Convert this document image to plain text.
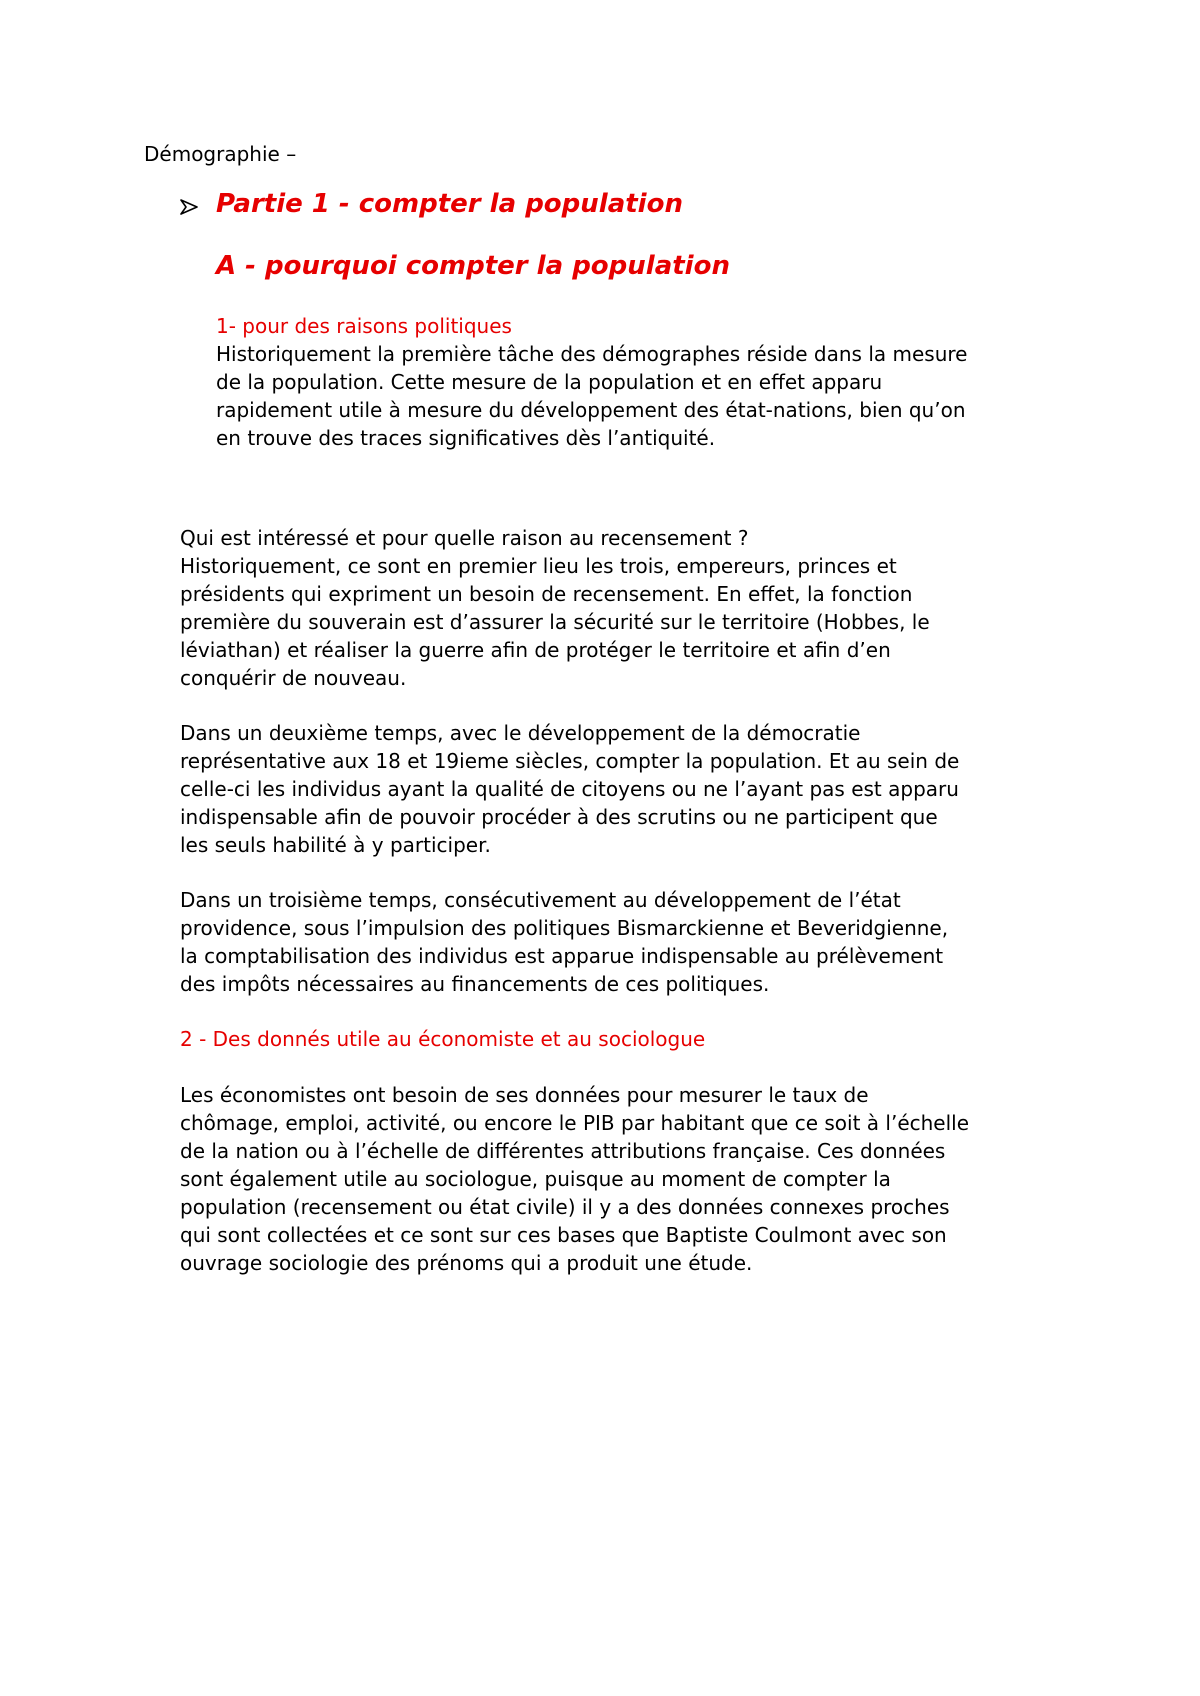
Démographie –
Partie 1 - compter la population
A - pourquoi compter la population
1- pour des raisons politiques
Historiquement la première tâche des démographes réside dans la mesure
de la population. Cette mesure de la population et en effet apparu
rapidement utile à mesure du développement des état-nations, bien qu’on
en trouve des traces significatives dès l’antiquité.
Qui est intéressé et pour quelle raison au recensement ?
Historiquement, ce sont en premier lieu les trois, empereurs, princes et
présidents qui expriment un besoin de recensement. En effet, la fonction
première du souverain est d’assurer la sécurité sur le territoire (Hobbes, le
léviathan) et réaliser la guerre afin de protéger le territoire et afin d’en
conquérir de nouveau.
Dans un deuxième temps, avec le développement de la démocratie
représentative aux 18 et 19ieme siècles, compter la population. Et au sein de
celle-ci les individus ayant la qualité de citoyens ou ne l’ayant pas est apparu
indispensable afin de pouvoir procéder à des scrutins ou ne participent que
les seuls habilité à y participer.
Dans un troisième temps, consécutivement au développement de l’état
providence, sous l’impulsion des politiques Bismarckienne et Beveridgienne,
la comptabilisation des individus est apparue indispensable au prélèvement
des impôts nécessaires au financements de ces politiques.
2 - Des donnés utile au économiste et au sociologue
Les économistes ont besoin de ses données pour mesurer le taux de
chômage, emploi, activité, ou encore le PIB par habitant que ce soit à l’échelle
de la nation ou à l’échelle de différentes attributions française. Ces données
sont également utile au sociologue, puisque au moment de compter la
population (recensement ou état civile) il y a des données connexes proches
qui sont collectées et ce sont sur ces bases que Baptiste Coulmont avec son
ouvrage sociologie des prénoms qui a produit une étude.
